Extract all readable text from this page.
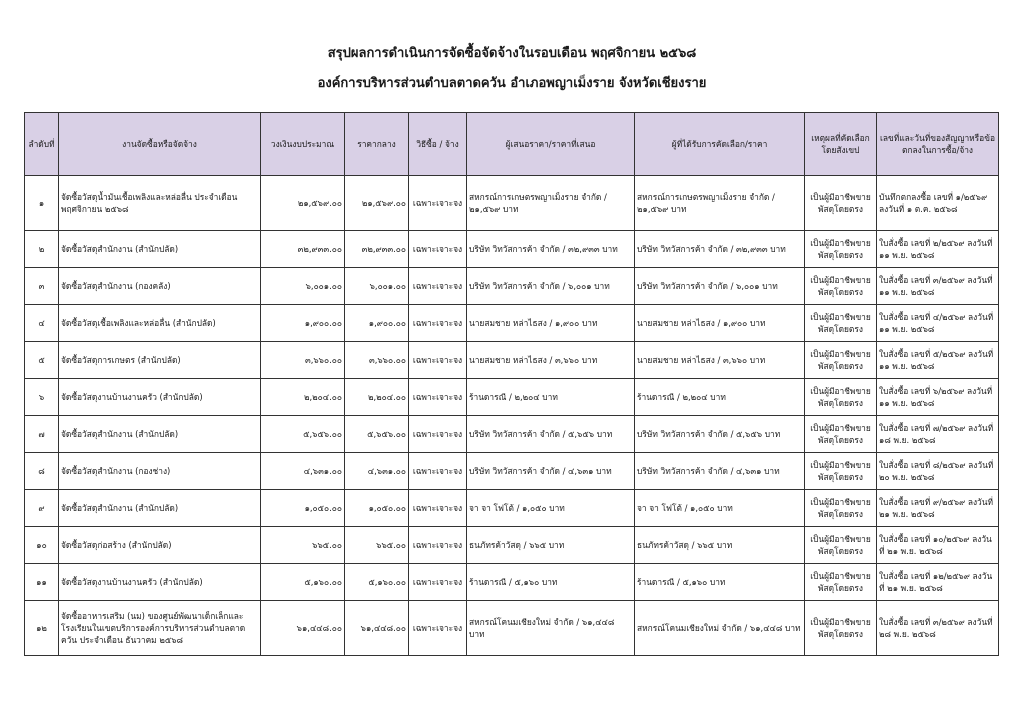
สรุปผลการดำเนินการจัดซื้อจัดจ้างในรอบเดือน พฤศจิกายน ๒๕๖๘
องค์การบริหารส่วนตำบลตาดควัน อำเภอพญาเม็งราย จังหวัดเชียงราย
ลำดับที่	งานจัดซื้อหรือจัดจ้าง	วงเงินงบประมาณ	ราคากลาง	วิธีซื้อ / จ้าง	ผู้เสนอราคา/ราคาที่เสนอ	ผู้ที่ได้รับการคัดเลือก/ราคา	เหตุผลที่คัดเลือกโดยสังเขป	เลขที่และวันที่ของสัญญาหรือข้อตกลงในการซื้อ/จ้าง
๑	จัดซื้อวัสดุน้ำมันเชื้อเพลิงและหล่อลื่น ประจำเดือน พฤศจิกายน ๒๕๖๘	๒๑,๕๖๙.๐๐	๒๑,๕๖๙.๐๐	เฉพาะเจาะจง	สหกรณ์การเกษตรพญาเม็งราย จำกัด / ๒๑,๕๖๙ บาท	สหกรณ์การเกษตรพญาเม็งราย จำกัด / ๒๑,๕๖๙ บาท	เป็นผู้มีอาชีพขายพัสดุโดยตรง	บันทึกตกลงซื้อ เลขที่ ๑/๒๕๖๙ ลงวันที่ ๑ ต.ค. ๒๕๖๘
๒	จัดซื้อวัสดุสำนักงาน (สำนักปลัด)	๓๒,๙๓๓.๐๐	๓๒,๙๓๓.๐๐	เฉพาะเจาะจง	บริษัท วิทวัสการค้า จำกัด / ๓๒,๙๓๓ บาท	บริษัท วิทวัสการค้า จำกัด / ๓๒,๙๓๓ บาท	เป็นผู้มีอาชีพขายพัสดุโดยตรง	ใบสั่งซื้อ เลขที่ ๒/๒๕๖๙ ลงวันที่ ๑๑ พ.ย. ๒๕๖๘
๓	จัดซื้อวัสดุสำนักงาน (กองคลัง)	๖,๐๐๑.๐๐	๖,๐๐๑.๐๐	เฉพาะเจาะจง	บริษัท วิทวัสการค้า จำกัด / ๖,๐๐๑ บาท	บริษัท วิทวัสการค้า จำกัด / ๖,๐๐๑ บาท	เป็นผู้มีอาชีพขายพัสดุโดยตรง	ใบสั่งซื้อ เลขที่ ๓/๒๕๖๙ ลงวันที่ ๑๑ พ.ย. ๒๕๖๘
๔	จัดซื้อวัสดุเชื้อเพลิงและหล่อลื่น (สำนักปลัด)	๑,๙๐๐.๐๐	๑,๙๐๐.๐๐	เฉพาะเจาะจง	นายสมชาย หล่าไธสง / ๑,๙๐๐ บาท	นายสมชาย หล่าไธสง / ๑,๙๐๐ บาท	เป็นผู้มีอาชีพขายพัสดุโดยตรง	ใบสั่งซื้อ เลขที่ ๔/๒๕๖๙ ลงวันที่ ๑๑ พ.ย. ๒๕๖๘
๕	จัดซื้อวัสดุการเกษตร (สำนักปลัด)	๓,๖๖๐.๐๐	๓,๖๖๐.๐๐	เฉพาะเจาะจง	นายสมชาย หล่าไธสง / ๓,๖๖๐ บาท	นายสมชาย หล่าไธสง / ๓,๖๖๐ บาท	เป็นผู้มีอาชีพขายพัสดุโดยตรง	ใบสั่งซื้อ เลขที่ ๕/๒๕๖๙ ลงวันที่ ๑๑ พ.ย. ๒๕๖๘
๖	จัดซื้อวัสดุงานบ้านงานครัว (สำนักปลัด)	๒,๒๐๔.๐๐	๒,๒๐๔.๐๐	เฉพาะเจาะจง	ร้านดารณี / ๒,๒๐๔ บาท	ร้านดารณี / ๒,๒๐๔ บาท	เป็นผู้มีอาชีพขายพัสดุโดยตรง	ใบสั่งซื้อ เลขที่ ๖/๒๕๖๙ ลงวันที่ ๑๑ พ.ย. ๒๕๖๘
๗	จัดซื้อวัสดุสำนักงาน (สำนักปลัด)	๕,๖๕๖.๐๐	๕,๖๕๖.๐๐	เฉพาะเจาะจง	บริษัท วิทวัสการค้า จำกัด / ๕,๖๕๖ บาท	บริษัท วิทวัสการค้า จำกัด / ๕,๖๕๖ บาท	เป็นผู้มีอาชีพขายพัสดุโดยตรง	ใบสั่งซื้อ เลขที่ ๗/๒๕๖๙ ลงวันที่ ๑๘ พ.ย. ๒๕๖๘
๘	จัดซื้อวัสดุสำนักงาน (กองช่าง)	๔,๖๓๑.๐๐	๔,๖๓๑.๐๐	เฉพาะเจาะจง	บริษัท วิทวัสการค้า จำกัด / ๔,๖๓๑ บาท	บริษัท วิทวัสการค้า จำกัด / ๔,๖๓๑ บาท	เป็นผู้มีอาชีพขายพัสดุโดยตรง	ใบสั่งซื้อ เลขที่ ๘/๒๕๖๙ ลงวันที่ ๒๐ พ.ย. ๒๕๖๘
๙	จัดซื้อวัสดุสำนักงาน (สำนักปลัด)	๑,๐๕๐.๐๐	๑,๐๕๐.๐๐	เฉพาะเจาะจง	จา จา โฟโต้ / ๑,๐๕๐ บาท	จา จา โฟโต้ / ๑,๐๕๐ บาท	เป็นผู้มีอาชีพขายพัสดุโดยตรง	ใบสั่งซื้อ เลขที่ ๙/๒๕๖๙ ลงวันที่ ๒๑ พ.ย. ๒๕๖๘
๑๐	จัดซื้อวัสดุก่อสร้าง (สำนักปลัด)	๖๖๕.๐๐	๖๖๕.๐๐	เฉพาะเจาะจง	ธนภัทรค้าวัสดุ / ๖๖๕ บาท	ธนภัทรค้าวัสดุ / ๖๖๕ บาท	เป็นผู้มีอาชีพขายพัสดุโดยตรง	ใบสั่งซื้อ เลขที่ ๑๐/๒๕๖๙ ลงวันที่ ๒๑ พ.ย. ๒๕๖๘
๑๑	จัดซื้อวัสดุงานบ้านงานครัว (สำนักปลัด)	๕,๑๖๐.๐๐	๕,๑๖๐.๐๐	เฉพาะเจาะจง	ร้านดารณี / ๕,๑๖๐ บาท	ร้านดารณี / ๕,๑๖๐ บาท	เป็นผู้มีอาชีพขายพัสดุโดยตรง	ใบสั่งซื้อ เลขที่ ๑๒/๒๕๖๙ ลงวันที่ ๒๑ พ.ย. ๒๕๖๘
๑๒	จัดซื้ออาหารเสริม (นม) ของศูนย์พัฒนาเด็กเล็กและโรงเรียนในเขตบริการองค์การบริหารส่วนตำบลตาดควัน ประจำเดือน ธันวาคม ๒๕๖๘	๖๑,๔๔๘.๐๐	๖๑,๔๔๘.๐๐	เฉพาะเจาะจง	สหกรณ์โคนมเชียงใหม่ จำกัด / ๖๑,๔๔๘ บาท	สหกรณ์โคนมเชียงใหม่ จำกัด / ๖๑,๔๔๘ บาท	เป็นผู้มีอาชีพขายพัสดุโดยตรง	ใบสั่งซื้อ เลขที่ ๓/๒๕๖๙ ลงวันที่ ๒๘ พ.ย. ๒๕๖๘
